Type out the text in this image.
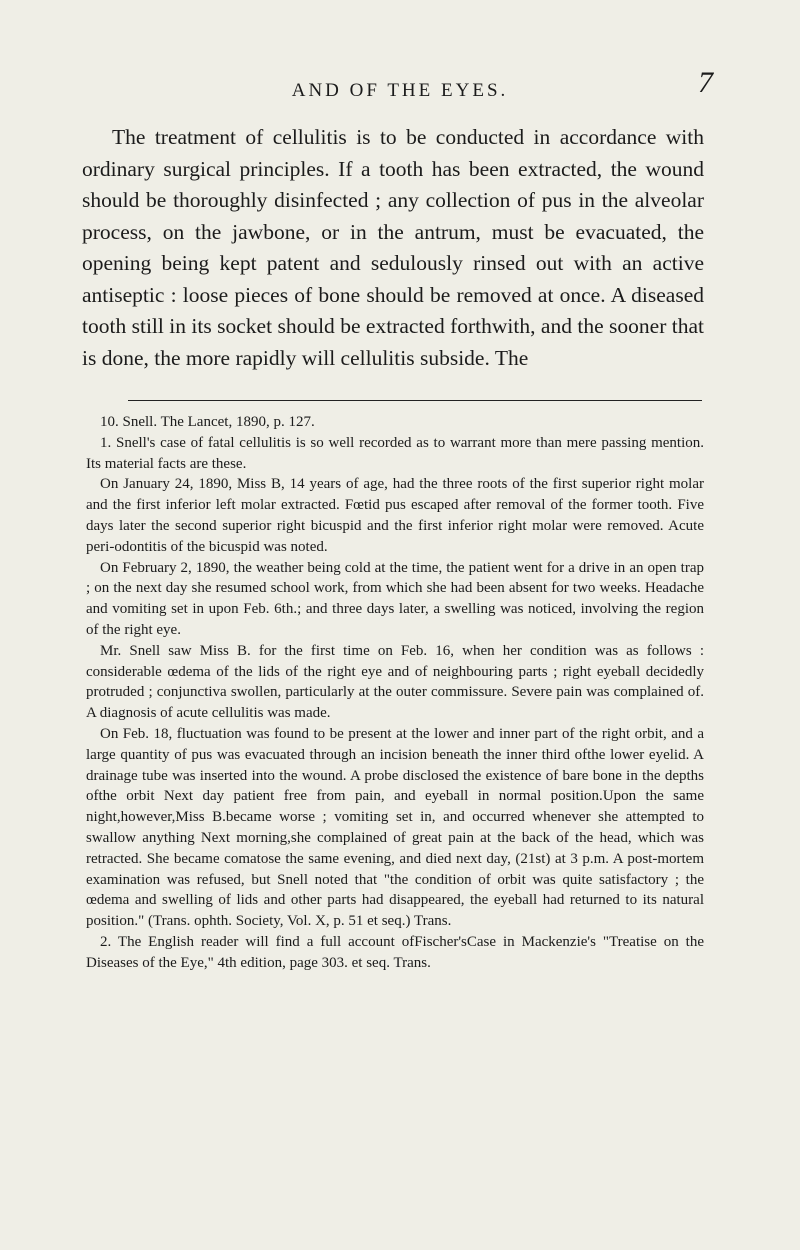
AND OF THE EYES.	7

The treatment of cellulitis is to be conducted in accordance with ordinary surgical principles. If a tooth has been extracted, the wound should be thoroughly disinfected ; any collection of pus in the alveolar process, on the jawbone, or in the antrum, must be evacuated, the opening being kept patent and sedulously rinsed out with an active antiseptic : loose pieces of bone should be removed at once. A diseased tooth still in its socket should be extracted forthwith, and the sooner that is done, the more rapidly will cellulitis subside. The

10. Snell. The Lancet, 1890, p. 127.

1. Snell's case of fatal cellulitis is so well recorded as to warrant more than mere passing mention. Its material facts are these.

On January 24, 1890, Miss B, 14 years of age, had the three roots of the first superior right molar and the first inferior left molar extracted. Fœtid pus escaped after removal of the former tooth. Five days later the second superior right bicuspid and the first inferior right molar were removed. Acute peri-odontitis of the bicuspid was noted.

On February 2, 1890, the weather being cold at the time, the patient went for a drive in an open trap ; on the next day she resumed school work, from which she had been absent for two weeks. Headache and vomiting set in upon Feb. 6th.; and three days later, a swelling was noticed, involving the region of the right eye.

Mr. Snell saw Miss B. for the first time on Feb. 16, when her condition was as follows : considerable œdema of the lids of the right eye and of neighbouring parts ; right eyeball decidedly protruded ; conjunctiva swollen, particularly at the outer commissure. Severe pain was complained of. A diagnosis of acute cellulitis was made.

On Feb. 18, fluctuation was found to be present at the lower and inner part of the right orbit, and a large quantity of pus was evacuated through an incision beneath the inner third ofthe lower eyelid. A drainage tube was inserted into the wound. A probe disclosed the existence of bare bone in the depths ofthe orbit Next day patient free from pain, and eyeball in normal position.Upon the same night,however,Miss B.became worse ; vomiting set in, and occurred whenever she attempted to swallow anything Next morning,she complained of great pain at the back of the head, which was retracted. She became comatose the same evening, and died next day, (21st) at 3 p.m. A post-mortem examination was refused, but Snell noted that "the condition of orbit was quite satisfactory ; the œdema and swelling of lids and other parts had disappeared, the eyeball had returned to its natural position." (Trans. ophth. Society, Vol. X, p. 51 et seq.) Trans.

2. The English reader will find a full account ofFischer'sCase in Mackenzie's "Treatise on the Diseases of the Eye," 4th edition, page 303. et seq. Trans.
